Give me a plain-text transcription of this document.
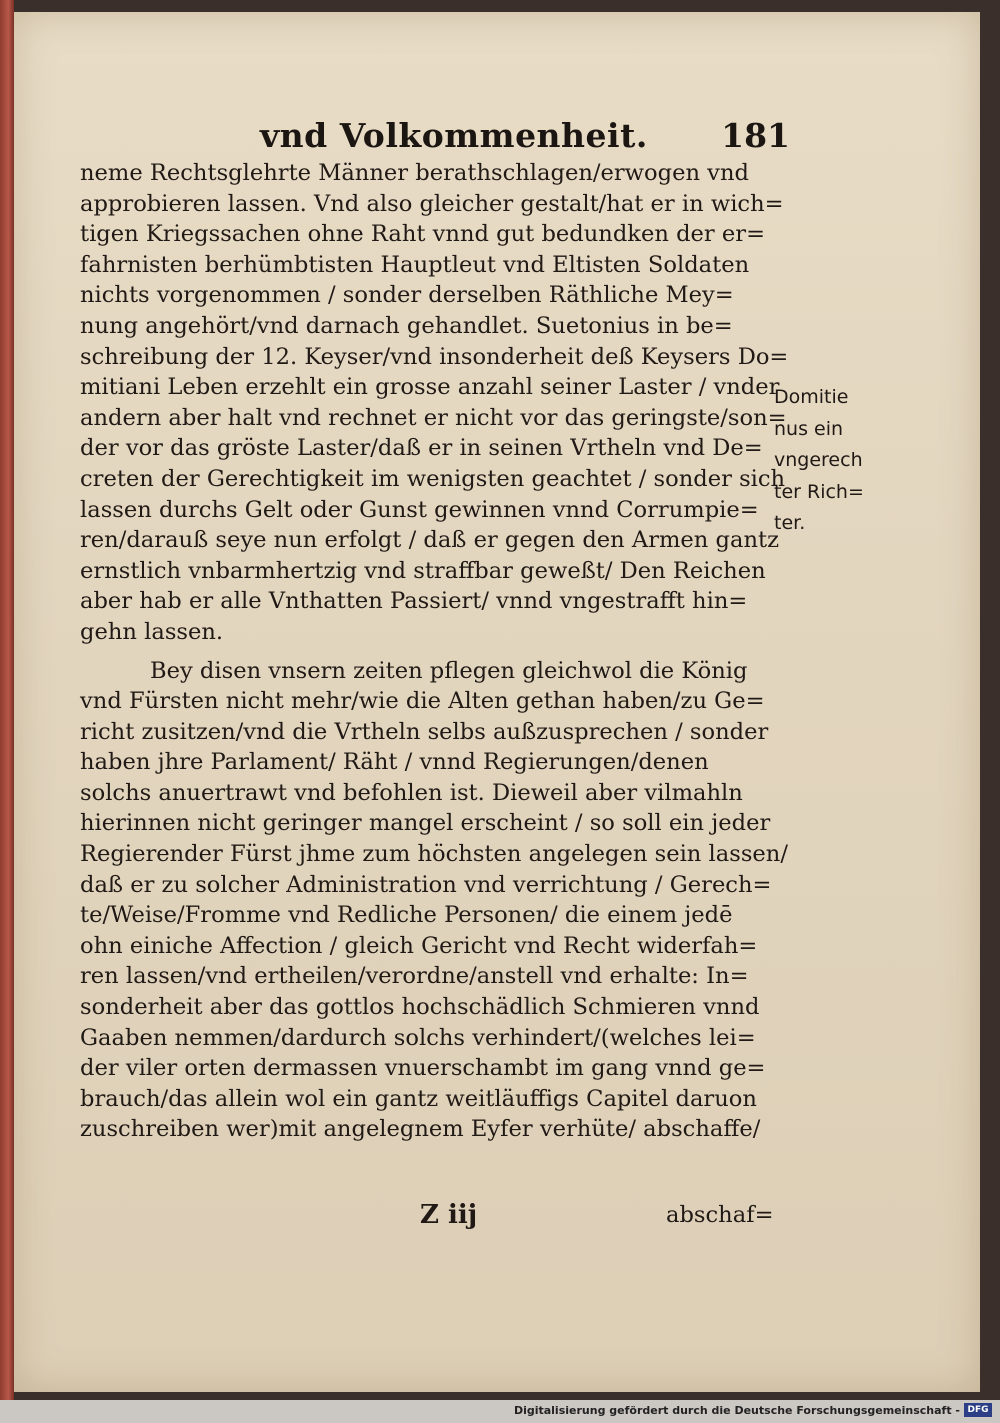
vnd Volkommenheit. 181
neme Rechtsglehrte Männer berathschlagen/erwogen vnd
approbieren lassen. Vnd also gleicher gestalt/hat er in wich=
tigen Kriegssachen ohne Raht vnnd gut bedundken der er=
fahrnisten berhümbtisten Hauptleut vnd Eltisten Soldaten
nichts vorgenommen / sonder derselben Räthliche Mey=
nung angehört/vnd darnach gehandlet. Suetonius in be=
schreibung der 12. Keyser/vnd insonderheit deß Keysers Do=
mitiani Leben erzehlt ein grosse anzahl seiner Laster / vnder
andern aber halt vnd rechnet er nicht vor das geringste/son=
der vor das gröste Laster/daß er in seinen Vrtheln vnd De=
creten der Gerechtigkeit im wenigsten geachtet / sonder sich
lassen durchs Gelt oder Gunst gewinnen vnnd Corrumpie=
ren/darauß seye nun erfolgt / daß er gegen den Armen gantz
ernstlich vnbarmhertzig vnd straffbar geweßt/ Den Reichen
aber hab er alle Vnthatten Passiert/ vnnd vngestrafft hin=
gehn lassen.
Bey disen vnsern zeiten pflegen gleichwol die König
vnd Fürsten nicht mehr/wie die Alten gethan haben/zu Ge=
richt zusitzen/vnd die Vrtheln selbs außzusprechen / sonder
haben jhre Parlament/ Räht / vnnd Regierungen/denen
solchs anuertrawt vnd befohlen ist. Dieweil aber vilmahln
hierinnen nicht geringer mangel erscheint / so soll ein jeder
Regierender Fürst jhme zum höchsten angelegen sein lassen/
daß er zu solcher Administration vnd verrichtung / Gerech=
te/Weise/Fromme vnd Redliche Personen/ die einem jedē
ohn einiche Affection / gleich Gericht vnd Recht widerfah=
ren lassen/vnd ertheilen/verordne/anstell vnd erhalte: In=
sonderheit aber das gottlos hochschädlich Schmieren vnnd
Gaaben nemmen/dardurch solchs verhindert/(welches lei=
der viler orten dermassen vnuerschambt im gang vnnd ge=
brauch/das allein wol ein gantz weitläuffigs Capitel daruon
zuschreiben wer)mit angelegnem Eyfer verhüte/ abschaffe/
Domitie
nus ein
vngerech
ter Rich=
ter.
Z iij	abschaf=
Digitalisierung gefördert durch die Deutsche Forschungsgemeinschaft - DFG
